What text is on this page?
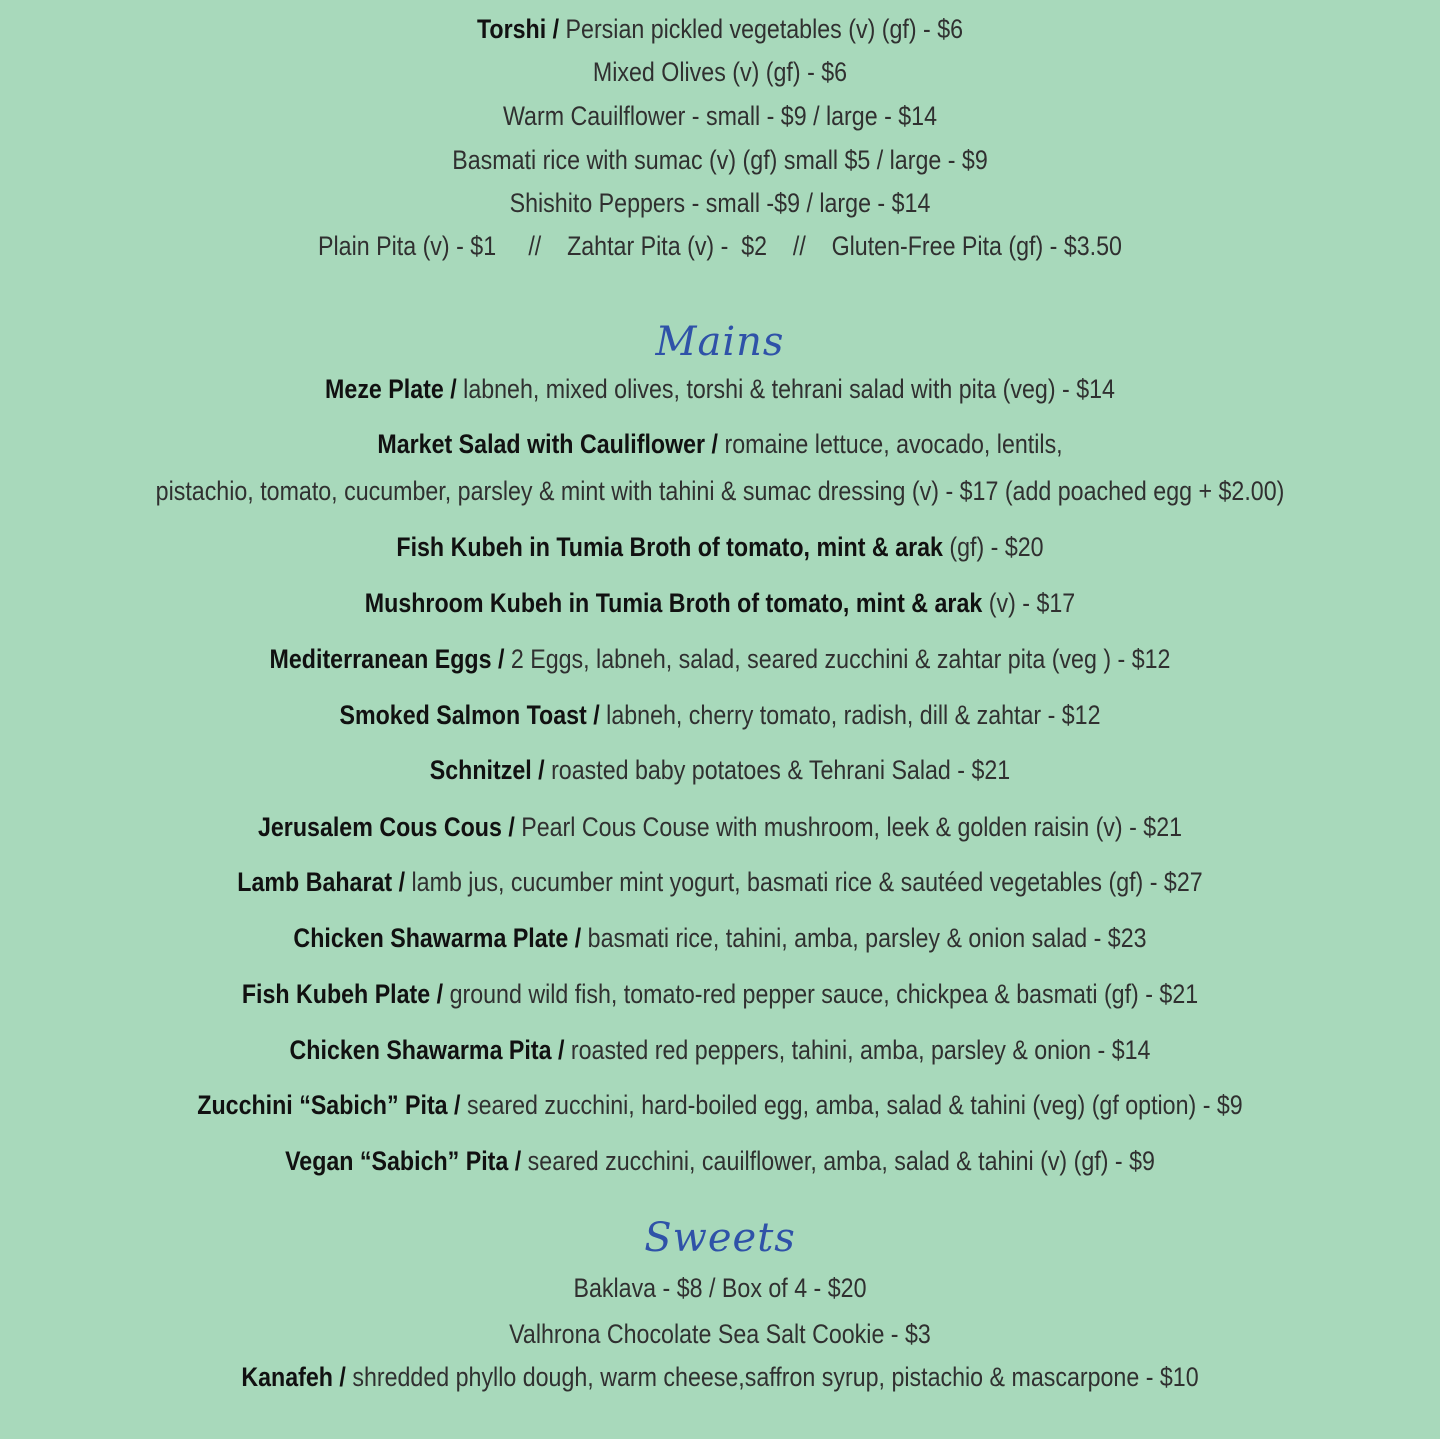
Torshi / Persian pickled vegetables (v) (gf) - $6
Mixed Olives (v) (gf) - $6
Warm Cauilflower - small - $9 / large - $14
Basmati rice with sumac (v) (gf) small $5 / large - $9
Shishito Peppers - small -$9 / large - $14
Plain Pita (v) - $1     //    Zahtar Pita (v) -  $2    //    Gluten-Free Pita (gf) - $3.50
Mains
Meze Plate / labneh, mixed olives, torshi & tehrani salad with pita (veg) - $14
Market Salad with Cauliflower / romaine lettuce, avocado, lentils,
pistachio, tomato, cucumber, parsley & mint with tahini & sumac dressing (v) - $17 (add poached egg + $2.00)
Fish Kubeh in Tumia Broth of tomato, mint & arak (gf) - $20
Mushroom Kubeh in Tumia Broth of tomato, mint & arak (v) - $17
Mediterranean Eggs / 2 Eggs, labneh, salad, seared zucchini & zahtar pita (veg ) - $12
Smoked Salmon Toast / labneh, cherry tomato, radish, dill & zahtar - $12
Schnitzel / roasted baby potatoes & Tehrani Salad - $21
Jerusalem Cous Cous / Pearl Cous Couse with mushroom, leek & golden raisin (v) - $21
Lamb Baharat / lamb jus, cucumber mint yogurt, basmati rice & sautéed vegetables (gf) - $27
Chicken Shawarma Plate / basmati rice, tahini, amba, parsley & onion salad - $23
Fish Kubeh Plate / ground wild fish, tomato-red pepper sauce, chickpea & basmati (gf) - $21
Chicken Shawarma Pita / roasted red peppers, tahini, amba, parsley & onion - $14
Zucchini “Sabich” Pita / seared zucchini, hard-boiled egg, amba, salad & tahini (veg) (gf option) - $9
Vegan “Sabich” Pita / seared zucchini, cauilflower, amba, salad & tahini (v) (gf) - $9
Sweets
Baklava - $8 / Box of 4 - $20
Valhrona Chocolate Sea Salt Cookie - $3
Kanafeh / shredded phyllo dough, warm cheese,saffron syrup, pistachio & mascarpone - $10
